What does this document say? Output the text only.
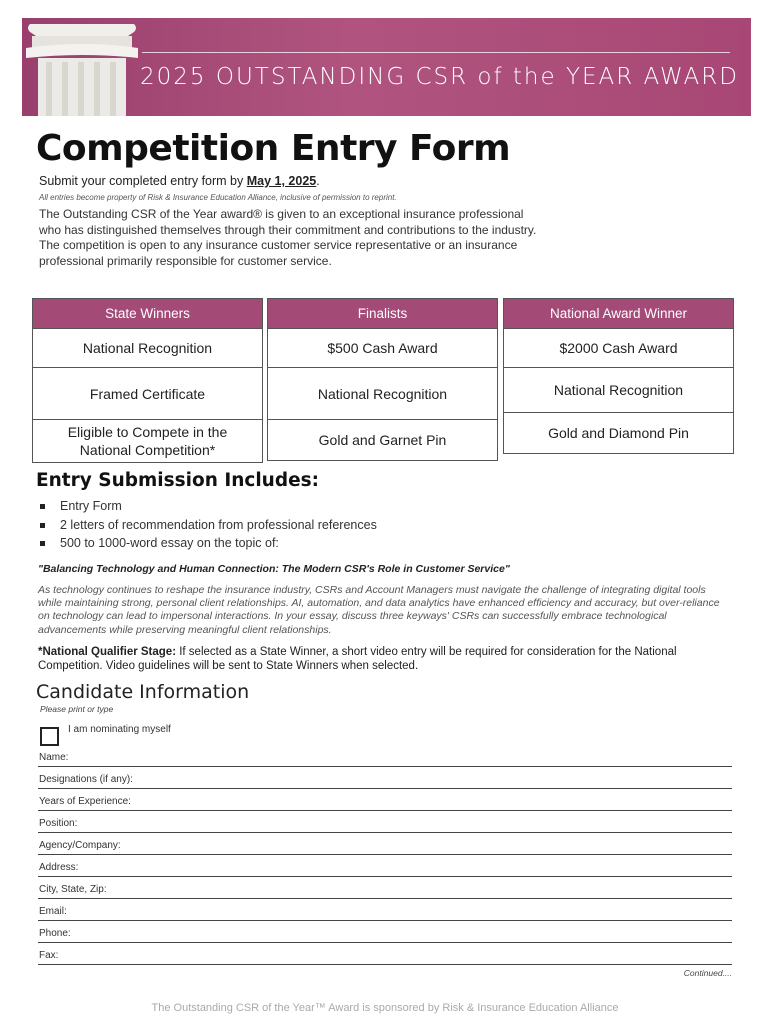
2025 OUTSTANDING CSR of the YEAR AWARD
Competition Entry Form
Submit your completed entry form by May 1, 2025.
All entries become property of Risk & Insurance Education Alliance, inclusive of permission to reprint.
The Outstanding CSR of the Year award® is given to an exceptional insurance professional who has distinguished themselves through their commitment and contributions to the industry. The competition is open to any insurance customer service representative or an insurance professional primarily responsible for customer service.
State Winners
National Recognition
Framed Certificate
Eligible to Compete in the National Competition*
Finalists
$500 Cash Award
National Recognition
Gold and Garnet Pin
National Award Winner
$2000 Cash Award
National Recognition
Gold and Diamond Pin
Entry Submission Includes:
Entry Form
2 letters of recommendation from professional references
500 to 1000-word essay on the topic of:
"Balancing Technology and Human Connection: The Modern CSR's Role in Customer Service"
As technology continues to reshape the insurance industry, CSRs and Account Managers must navigate the challenge of integrating digital tools while maintaining strong, personal client relationships. AI, automation, and data analytics have enhanced efficiency and accuracy, but over-reliance on technology can lead to impersonal interactions. In your essay, discuss three keyways' CSRs can successfully embrace technological advancements while preserving meaningful client relationships.
*National Qualifier Stage: If selected as a State Winner, a short video entry will be required for consideration for the National Competition. Video guidelines will be sent to State Winners when selected.
Candidate Information
Please print or type
I am nominating myself
Name:
Designations (if any):
Years of Experience:
Position:
Agency/Company:
Address:
City, State, Zip:
Email:
Phone:
Fax:
Continued....
The Outstanding CSR of the Year™ Award is sponsored by Risk & Insurance Education Alliance
